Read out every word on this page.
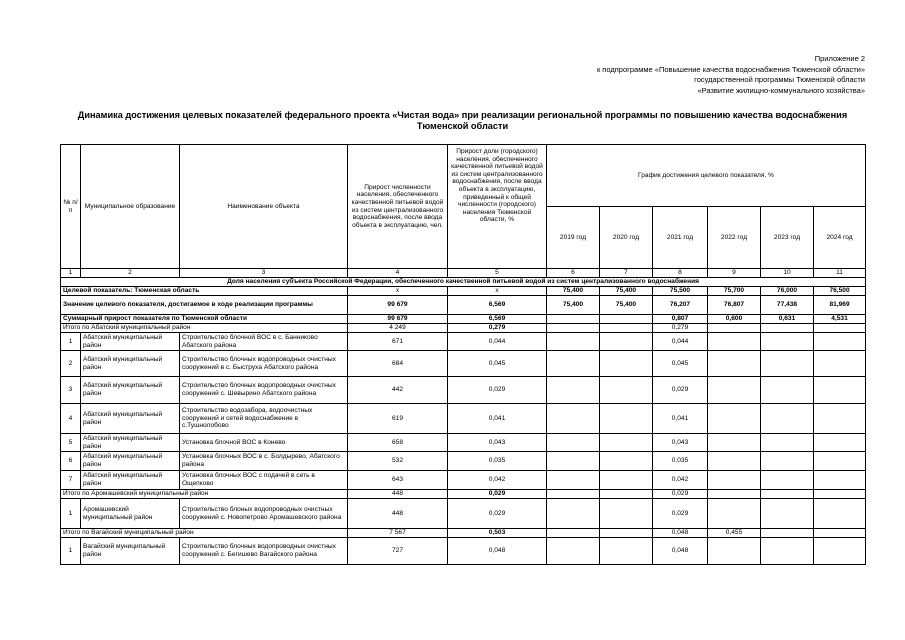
Приложение 2
к подпрограмме «Повышение качества водоснабжения Тюменской области»
государственной программы Тюменской области
«Развитие жилищно-коммунального хозяйства»
Динамика достижения целевых показателей федерального проекта «Чистая вода» при реализации региональной программы по повышению качества водоснабжения Тюменской области
№ п/п	Муниципальное образование	Наименование объекта	Прирост численности населения, обеспеченного качественной питьевой водой из систем централизованного водоснабжения, после ввода объекта в эксплуатацию, чел.	Прирост доли (городского) населения, обеспеченного качественной питьевой водой из систем централизованного водоснабжения, после ввода объекта в эксплуатацию, приведенный к общей численности (городского) населения Тюменской области, %	График достижения целевого показателя, %					
					2019 год	2020 год	2021 год	2022 год	2023 год	2024 год
1	2	3	4	5	6	7	8	9	10	11
Доля населения субъекта Российской Федерации, обеспеченного качественной питьевой водой из систем централизованного водоснабжения										
Целевой показатель: Тюменская область			х	х	75,400	75,400	75,500	75,700	76,000	76,500
Значение целевого показателя, достигаемое в ходе реализации программы			99 679	6,569	75,400	75,400	76,207	76,807	77,438	81,969
Суммарный прирост показателя по Тюменской области			99 679	6,569			0,807	0,600	0,631	4,531
Итого по Абатский муниципальный район			4 249	0,279			0,279			
1	Абатский муниципальный район	Строительство блочной ВОС в с. Банниково Абатского района	671	0,044			0,044			
2	Абатский муниципальный район	Строительство блочных водопроводных очистных сооружений в с. Быструха Абатского района	684	0,045			0,045			
3	Абатский муниципальный район	Строительство блочных водопроводных очистных сооружений с. Шевырино Абатского района	442	0,029			0,029			
4	Абатский муниципальный район	Строительство водозабора, водоочистных сооружений и сетей водоснабжение в с.Тушнолобово	619	0,041			0,041			
5	Абатский муниципальный район	Установка блочной ВОС в Конево	658	0,043			0,043			
6	Абатский муниципальный район	Установка блочных ВОС в с. Болдырево, Абатского района	532	0,035			0,035			
7	Абатский муниципальный район	Установка блочных ВОС с подачей в сеть в Ощепково	643	0,042			0,042			
Итого по Аромашевский муниципальный район			448	0,029			0,029			
1	Аромашевский муниципальный район	Строительство блоных водопроводных очистных сооружений с. Новопетрово Аромашевского района	448	0,029			0,029			
Итого по Вагайский муниципальный район			7 567	0,503			0,048	0,455		
1	Вагайский муниципальный район	Строительство блочных водопроводных очистных сооружений с. Бегишево Вагайского района	727	0,048			0,048			
